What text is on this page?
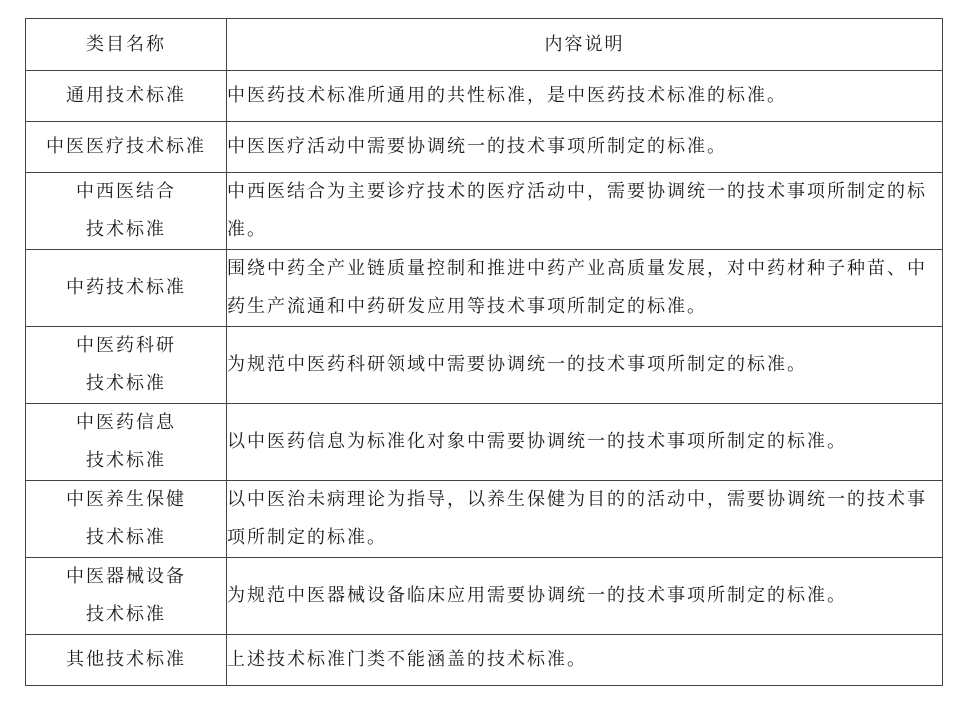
类目名称	内容说明

通用技术标准	中医药技术标准所通用的共性标准，是中医药技术标准的标准。

中医医疗技术标准	中医医疗活动中需要协调统一的技术事项所制定的标准。

中西医结合
技术标准	中西医结合为主要诊疗技术的医疗活动中，需要协调统一的技术事项所制定的标准。

中药技术标准	围绕中药全产业链质量控制和推进中药产业高质量发展，对中药材种子种苗、中药生产流通和中药研发应用等技术事项所制定的标准。

中医药科研
技术标准	为规范中医药科研领域中需要协调统一的技术事项所制定的标准。

中医药信息
技术标准	以中医药信息为标准化对象中需要协调统一的技术事项所制定的标准。

中医养生保健
技术标准	以中医治未病理论为指导，以养生保健为目的的活动中，需要协调统一的技术事项所制定的标准。

中医器械设备
技术标准	为规范中医器械设备临床应用需要协调统一的技术事项所制定的标准。

其他技术标准	上述技术标准门类不能涵盖的技术标准。
